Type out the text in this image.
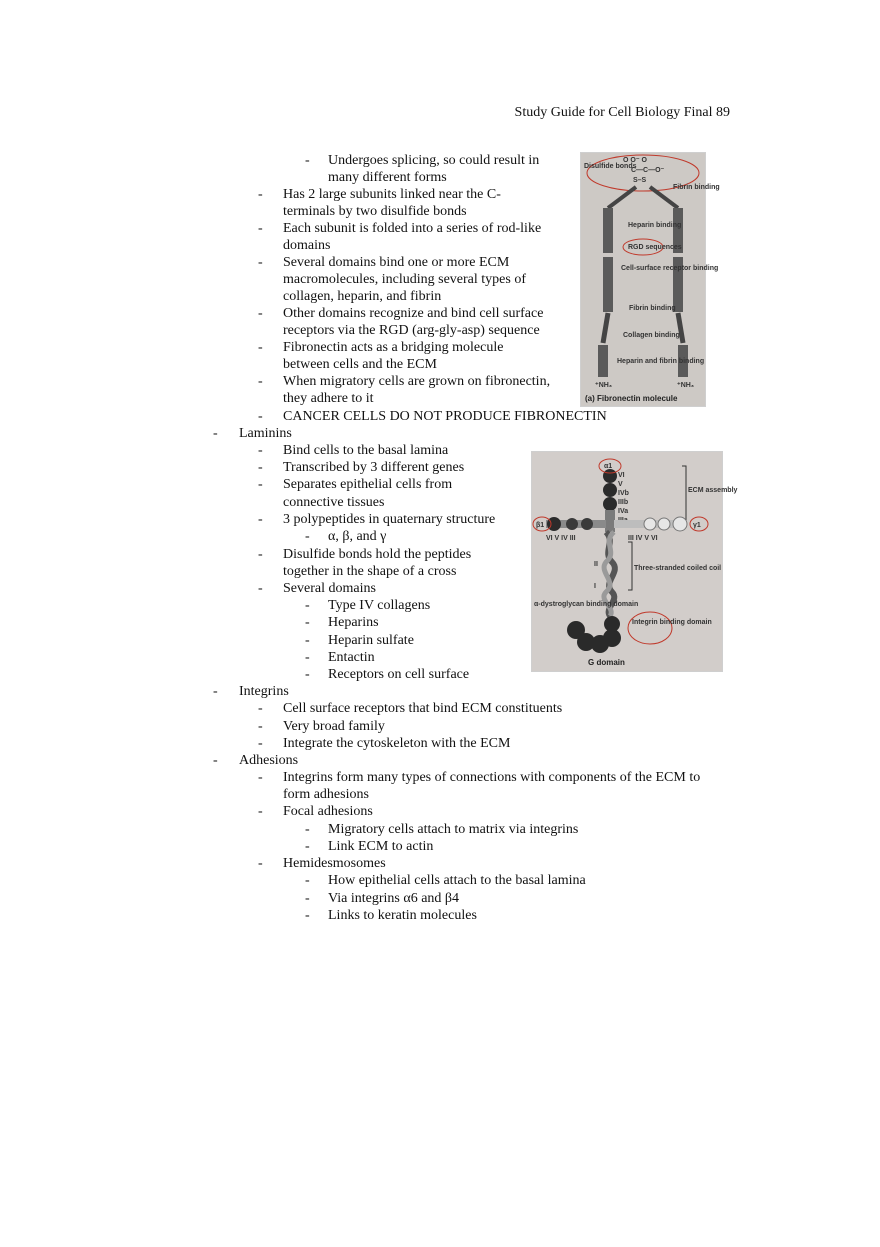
Study Guide for Cell Biology Final 89
- Undergoes splicing, so could result in
many different forms
- Has 2 large subunits linked near the C-
terminals by two disulfide bonds
- Each subunit is folded into a series of rod-like
domains
- Several domains bind one or more ECM
macromolecules, including several types of
collagen, heparin, and fibrin
- Other domains recognize and bind cell surface
receptors via the RGD (arg-gly-asp) sequence
- Fibronectin acts as a bridging molecule
between cells and the ECM
- When migratory cells are grown on fibronectin,
they adhere to it
- CANCER CELLS DO NOT PRODUCE FIBRONECTIN
- Laminins
- Bind cells to the basal lamina
- Transcribed by 3 different genes
- Separates epithelial cells from
connective tissues
- 3 polypeptides in quaternary structure
- α, β, and γ
- Disulfide bonds hold the peptides
together in the shape of a cross
- Several domains
- Type IV collagens
- Heparins
- Heparin sulfate
- Entactin
- Receptors on cell surface
- Integrins
- Cell surface receptors that bind ECM constituents
- Very broad family
- Integrate the cytoskeleton with the ECM
- Adhesions
- Integrins form many types of connections with components of the ECM to
form adhesions
- Focal adhesions
- Migratory cells attach to matrix via integrins
- Link ECM to actin
- Hemidesmosomes
- How epithelial cells attach to the basal lamina
- Via integrins α6 and β4
- Links to keratin molecules
O O⁻ O
C—C—O⁻
S–S
Disulfide bonds
Fibrin binding
Heparin binding
RGD sequences
Cell-surface receptor binding
Fibrin binding
Collagen binding
Heparin and fibrin binding
⁺NH₃	⁺NH₃
(a) Fibronectin molecule
α1
VI
V
IVb
IIIb
IVa
ECM assembly
β1	γ1
VI V IV III	III IV V VI
II
I
Three-stranded coiled coil
α-dystroglycan binding domain
Integrin binding domain
G domain
